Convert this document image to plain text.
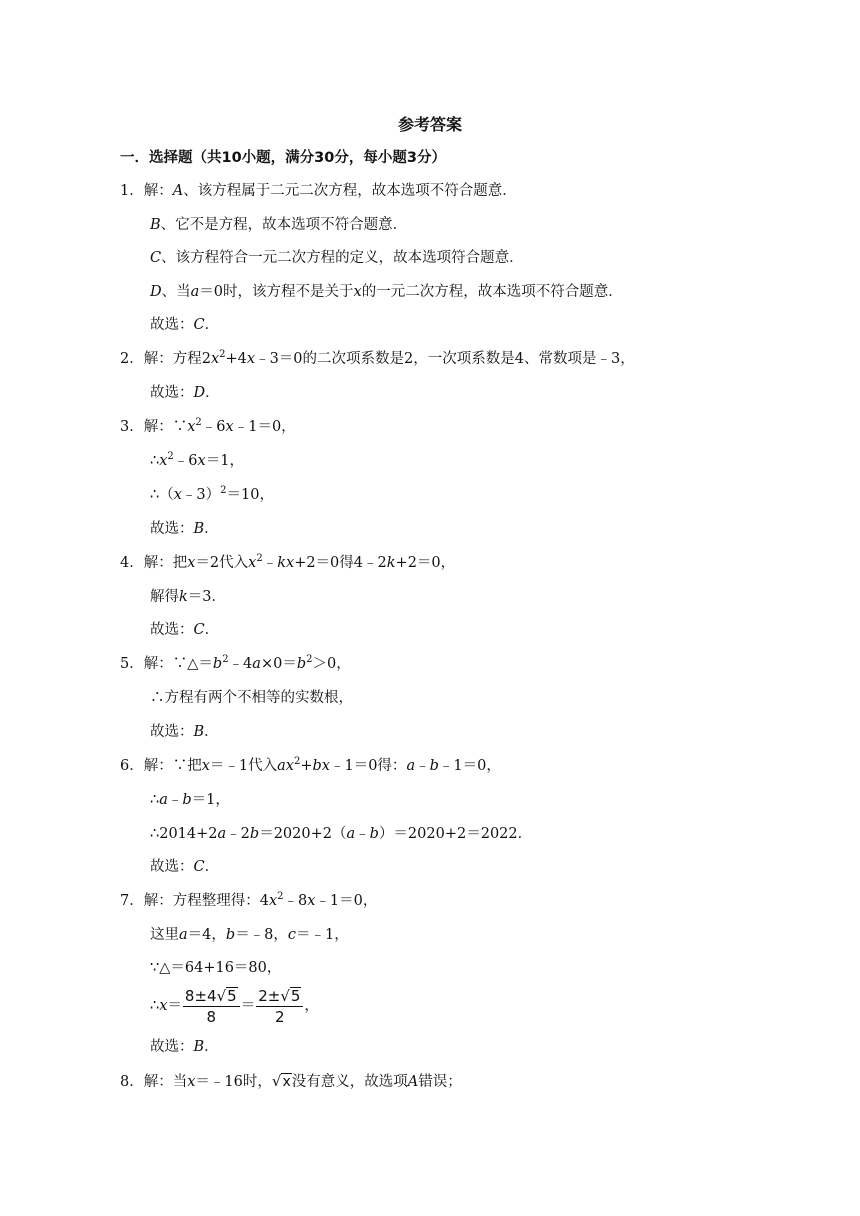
参考答案
一．选择题（共10小题，满分30分，每小题3分）
1．解：A、该方程属于二元二次方程，故本选项不符合题意．
B、它不是方程，故本选项不符合题意．
C、该方程符合一元二次方程的定义，故本选项符合题意．
D、当a＝0时，该方程不是关于x的一元二次方程，故本选项不符合题意．
故选：C．
2．解：方程$2x^2+4x﹣3=0$的二次项系数是2，一次项系数是4、常数项是﹣3，
故选：D．
3．解：$\because x^2﹣6x﹣1=0$，
$\therefore x^2﹣6x=1$，
∴（x﹣3）$^2$＝10，
故选：B．
4．解：把x＝2代入$x^2﹣kx+2=0$得4﹣2k+2＝0，
解得k＝3．
故选：C．
5．解：$\because\triangle=b^2﹣4a\times 0=b^2>0$，
∴方程有两个不相等的实数根，
故选：B．
6．解：∵把x＝﹣1代入$ax^2+bx﹣1=0$得：a﹣b﹣1＝0，
∴a﹣b＝1，
∴2014+2a﹣2b＝2020+2（a﹣b）＝2020+2＝2022．
故选：C．
7．解：方程整理得：$4x^2﹣8x﹣1=0$，
这里a＝4，b＝﹣8，c＝﹣1，
∵△＝64+16＝80，
∴x＝ $\frac{8\pm 4√5}{8} = \frac{2\pm√5}{2}$ ，
故选：B．
8．解：当x＝﹣16时，√x没有意义，故选项A错误；
